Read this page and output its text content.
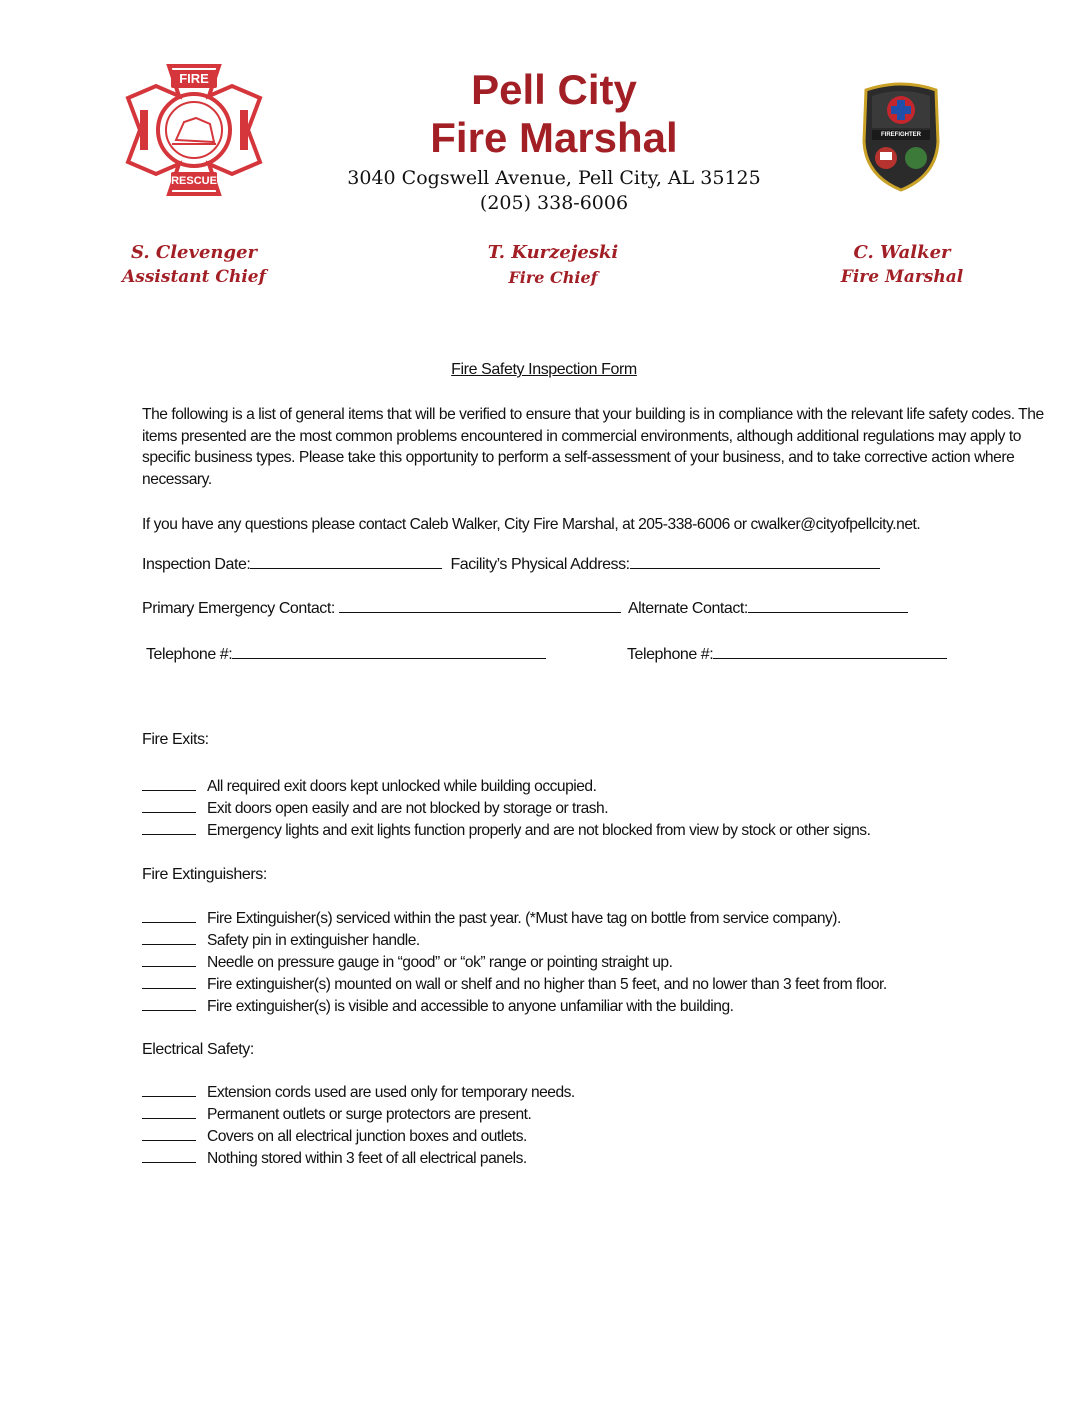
FIRE
RESCUE
Pell City
Fire Marshal
3040 Cogswell Avenue, Pell City, AL 35125
(205) 338-6006
FIREFIGHTER
S. Clevenger
Assistant Chief
T. Kurzejeski
Fire Chief
C. Walker
Fire Marshal
Fire Safety Inspection Form

The following is a list of general items that will be verified to ensure that your building is in compliance with the relevant life safety codes. The items presented are the most common problems encountered in commercial environments, although additional regulations may apply to specific business types. Please take this opportunity to perform a self-assessment of your business, and to take corrective action where necessary.

If you have any questions please contact Caleb Walker, City Fire Marshal, at 205-338-6006 or cwalker@cityofpellcity.net.

Inspection Date:	Facility’s Physical Address:
Primary Emergency Contact:	Alternate Contact:
Telephone #:	Telephone #:
Fire Exits:
All required exit doors kept unlocked while building occupied.
Exit doors open easily and are not blocked by storage or trash.
Emergency lights and exit lights function properly and are not blocked from view by stock or other signs.
Fire Extinguishers:
Fire Extinguisher(s) serviced within the past year. (*Must have tag on bottle from service company).
Safety pin in extinguisher handle.
Needle on pressure gauge in “good” or “ok” range or pointing straight up.
Fire extinguisher(s) mounted on wall or shelf and no higher than 5 feet, and no lower than 3 feet from floor.
Fire extinguisher(s) is visible and accessible to anyone unfamiliar with the building.
Electrical Safety:
Extension cords used are used only for temporary needs.
Permanent outlets or surge protectors are present.
Covers on all electrical junction boxes and outlets.
Nothing stored within 3 feet of all electrical panels.
